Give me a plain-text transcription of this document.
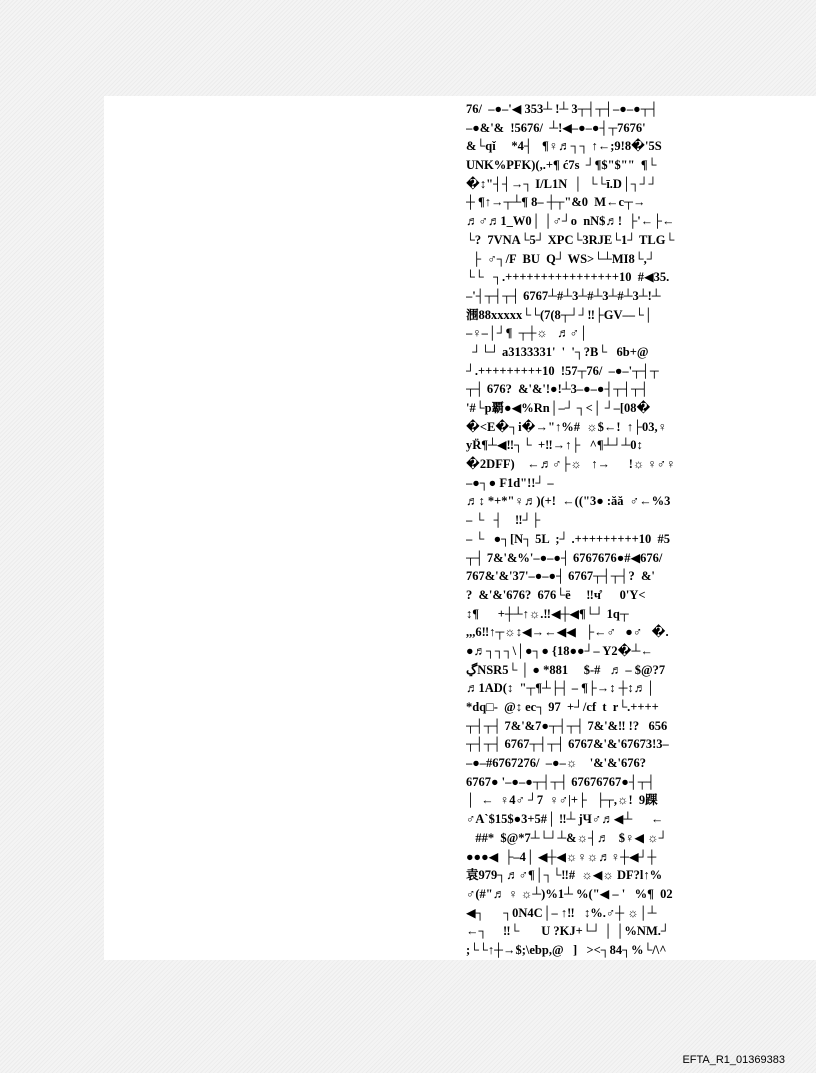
76/  –●–'◀ 353┴ !┴ 3┬┤┬┤–●–●┬┤
–●&'&  !5676/  ┴!◀–●–●┤┬7676'
&└qǐ     *4┤   ¶♀♬┐┐ ↑←;9!8�'5S
UNK%PFK)(,.+¶ ć7s  ┘¶$"$""  ¶└
�↕"┤┤→┐ I/L1N  │  └└ī.D│┐┘┘
┼ ¶↑→┬┴¶ 8– ┼┬"&0  M←c┬→
♬♂♬1_W0│ │♂┘o  nN$♬!  ├'←├←
└?  7VNA└5┘ XPC└3RJE└1┘ TLG└
├  ♂┐/F  BU  Q┘ WS>└┴MI8└,┘
└└   ┐.++++++++++++++++10  #◀35.
–'┤┬┤┬┤ 6767┴#┴3┴#┴3┴#┴3┴!┴
涠88xxxxx└└(7(8┬┘┘‼├GV––└│
–♀–│┘¶  ┬┼☼   ♬♂│
┘└┘ a3133331'  '  '┐?B└   6b+@
┘.+++++++++10  !57┬76/  –●–'┬┤┬
┬┤ 676?  &'&'!●!┴3–●–●┤┬┤┬┤
'#└p覇●◀%Rn│–┘ ┐<│ ┘–[08�
�<E�┐i�→"↑%#  ☼$←!  ↑├03,♀
уR̈¶┴◀‼┐└  +‼→↑├   ^¶┴┘┴0↕
�2DFF)    ←♬♂├☼   ↑→      !☼ ♀♂♀
–●┐● F1d"!!┘ –
♬↕ *+*"♀♬)(+!  ←(("3● :ăă  ♂←%3
– └   ┤    ‼┘├
– └   ●┐[N┐ 5L  ;┘ .+++++++++10  #5
┬┤ 7&'&%'–●–●┤ 6767676●#◀676/
767&'&'37'–●–●┤ 6767┬┤┬┤?  &'
?  &'&'676?  676└ë     ‼ч̊      0'Y<
↕¶      +┼┴↑☼.‼◀┼◀¶└┘ 1q┬
,,,6‼↑┬☼↕◀→←◀◀   ├←♂   ●♂   �.
●♬┐┐┐\│●┐● {18●●┘– Y2�┴←
ڲNSR5└ │ ● *881     $-#   ♬ – $@?7
♬1AD(↕  "┬¶┴├┤ – ¶├→↕ ┼↕♬│
*dq□-  @↕ ec┐ 97  +┘/cf  t  r└.++++
┬┤┬┤ 7&'&7●┬┤┬┤ 7&'&‼ !?   656
┬┤┬┤ 6767┬┤┬┤ 6767&'&'67673!3–
–●–#6767276/  –●–☼    '&'&'676?
6767● '–●–●┬┤┬┤ 67676767●┤┬┤
│  ←  ♀4♂ ┘7  ♀♂|+├   ├┬,☼!  9踝
♂A`$15$●3+5#│ ‼┴ jЧ♂♬◀┴      ←
##*  $@*7┴└┘┴&☼┤♬   $♀◀ ☼┘
●●●◀  ├–4│ ◀┼◀☼♀☼♬♀┼◀┘┼
袁979┐♬♂¶│┐└‼#  ☼◀☼ DF?l↑%
♂(#"♬ ♀ ☼┴)%1┴ %("◀ – '   %¶  02
◀┐      ┐0N4C│– ↑‼   ↕%.♂┼ ☼│┴
←┐     ‼└       U ?KJ+└┘ │ │%NM.┘
;└└↑┼→$;\ebp,@   ]   ><┐84┐%└/\^
EFTA_R1_01369383
